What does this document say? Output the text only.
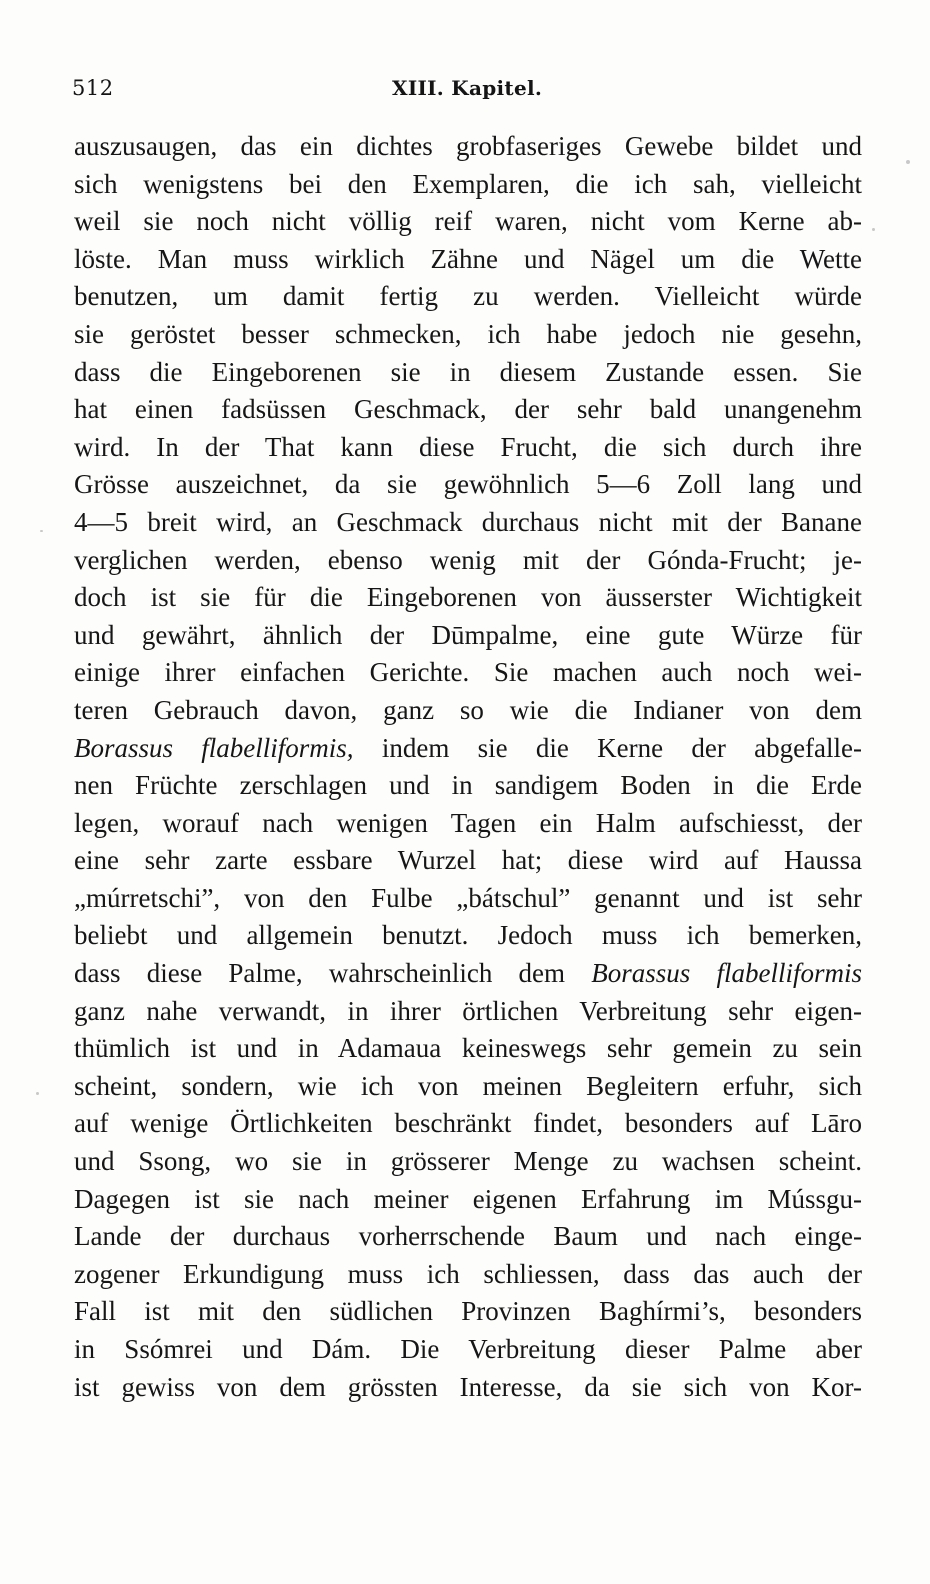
512	XIII. Kapitel.
auszusaugen, das ein dichtes grobfaseriges Gewebe bildet und
sich wenigstens bei den Exemplaren, die ich sah, vielleicht
weil sie noch nicht völlig reif waren, nicht vom Kerne ab-
löste. Man muss wirklich Zähne und Nägel um die Wette
benutzen, um damit fertig zu werden. Vielleicht würde
sie geröstet besser schmecken, ich habe jedoch nie gesehn,
dass die Eingeborenen sie in diesem Zustande essen. Sie
hat einen fadsüssen Geschmack, der sehr bald unangenehm
wird. In der That kann diese Frucht, die sich durch ihre
Grösse auszeichnet, da sie gewöhnlich 5—6 Zoll lang und
4—5 breit wird, an Geschmack durchaus nicht mit der Banane
verglichen werden, ebenso wenig mit der Gónda-Frucht; je-
doch ist sie für die Eingeborenen von äusserster Wichtigkeit
und gewährt, ähnlich der Dūmpalme, eine gute Würze für
einige ihrer einfachen Gerichte. Sie machen auch noch wei-
teren Gebrauch davon, ganz so wie die Indianer von dem
Borassus flabelliformis, indem sie die Kerne der abgefalle-
nen Früchte zerschlagen und in sandigem Boden in die Erde
legen, worauf nach wenigen Tagen ein Halm aufschiesst, der
eine sehr zarte essbare Wurzel hat; diese wird auf Haussa
„múrretschi”, von den Fulbe „bátschul” genannt und ist sehr
beliebt und allgemein benutzt. Jedoch muss ich bemerken,
dass diese Palme, wahrscheinlich dem Borassus flabelliformis
ganz nahe verwandt, in ihrer örtlichen Verbreitung sehr eigen-
thümlich ist und in Adamaua keineswegs sehr gemein zu sein
scheint, sondern, wie ich von meinen Begleitern erfuhr, sich
auf wenige Örtlichkeiten beschränkt findet, besonders auf Lāro
und Ssong, wo sie in grösserer Menge zu wachsen scheint.
Dagegen ist sie nach meiner eigenen Erfahrung im Mússgu-
Lande der durchaus vorherrschende Baum und nach einge-
zogener Erkundigung muss ich schliessen, dass das auch der
Fall ist mit den südlichen Provinzen Baghírmi’s, besonders
in Ssómrei und Dám. Die Verbreitung dieser Palme aber
ist gewiss von dem grössten Interesse, da sie sich von Kor-
